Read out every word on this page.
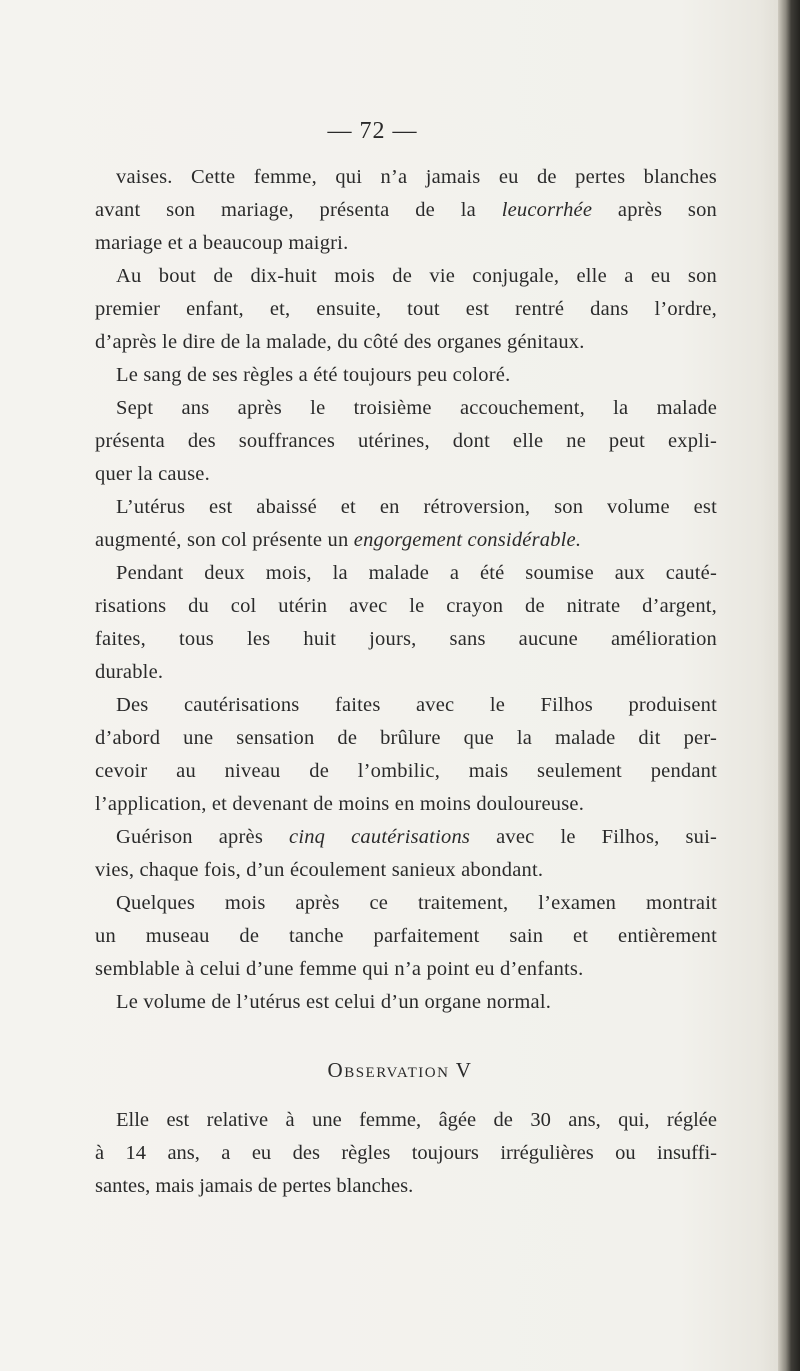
— 72 —

vaises. Cette femme, qui n’a jamais eu de pertes blanches
avant son mariage, présenta de la leucorrhée après son
mariage et a beaucoup maigri.

Au bout de dix-huit mois de vie conjugale, elle a eu son
premier enfant, et, ensuite, tout est rentré dans l’ordre,
d’après le dire de la malade, du côté des organes génitaux.

Le sang de ses règles a été toujours peu coloré.

Sept ans après le troisième accouchement, la malade
présenta des souffrances utérines, dont elle ne peut expli-
quer la cause.

L’utérus est abaissé et en rétroversion, son volume est
augmenté, son col présente un engorgement considérable.

Pendant deux mois, la malade a été soumise aux cauté-
risations du col utérin avec le crayon de nitrate d’argent,
faites, tous les huit jours, sans aucune amélioration
durable.

Des cautérisations faites avec le Filhos produisent
d’abord une sensation de brûlure que la malade dit per-
cevoir au niveau de l’ombilic, mais seulement pendant
l’application, et devenant de moins en moins douloureuse.

Guérison après cinq cautérisations avec le Filhos, sui-
vies, chaque fois, d’un écoulement sanieux abondant.

Quelques mois après ce traitement, l’examen montrait
un museau de tanche parfaitement sain et entièrement
semblable à celui d’une femme qui n’a point eu d’enfants.

Le volume de l’utérus est celui d’un organe normal.

Observation V

Elle est relative à une femme, âgée de 30 ans, qui, réglée
à 14 ans, a eu des règles toujours irrégulières ou insuffi-
santes, mais jamais de pertes blanches.
